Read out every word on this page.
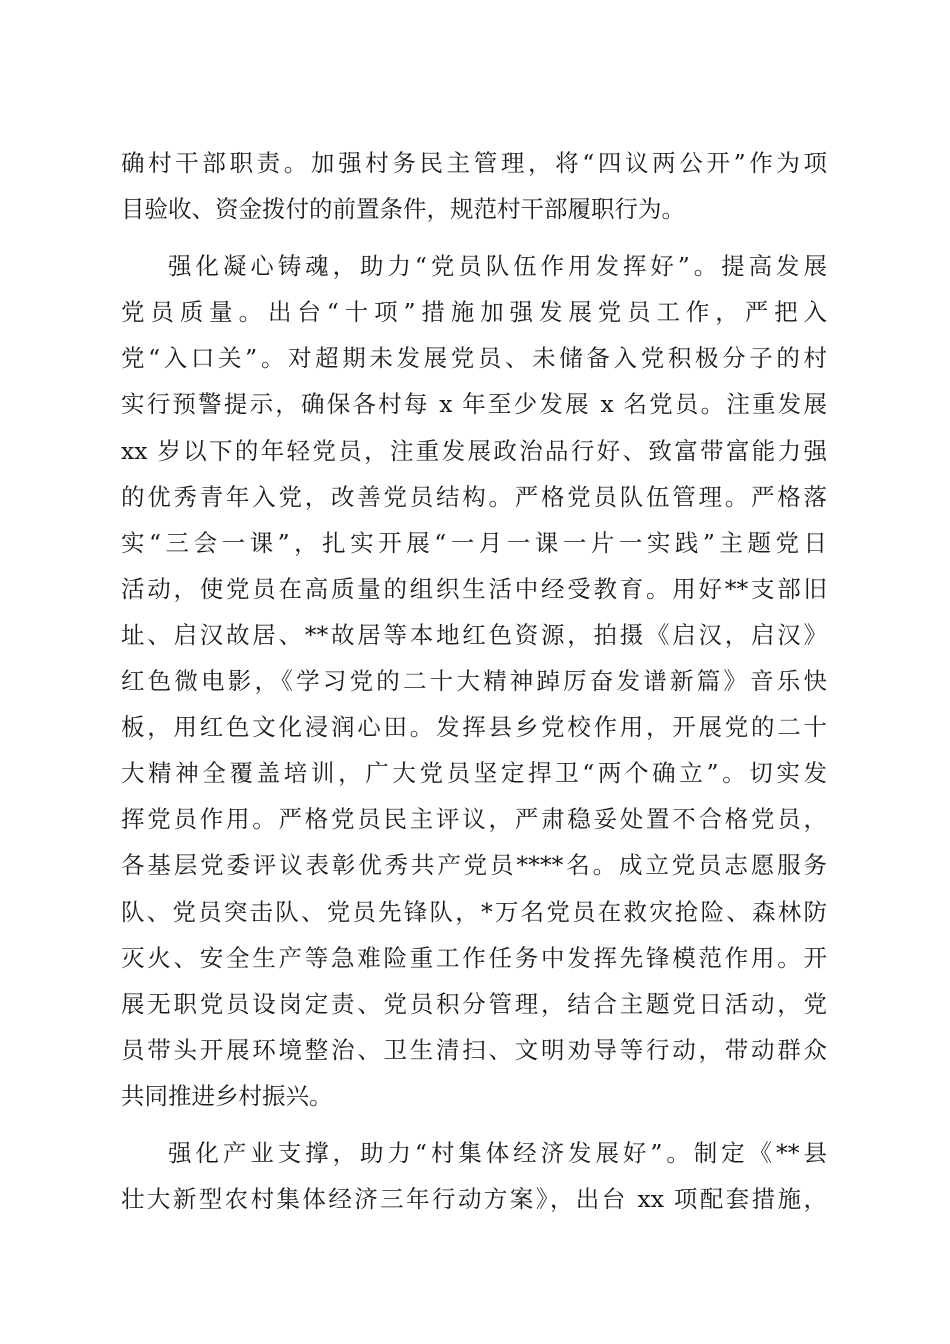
确村干部职责。加强村务民主管理，将“四议两公开”作为项
目验收、资金拨付的前置条件，规范村干部履职行为。
强化凝心铸魂，助力“党员队伍作用发挥好”。提高发展
党员质量。出台“十项”措施加强发展党员工作，严把入
党“入口关”。对超期未发展党员、未储备入党积极分子的村
实行预警提示，确保各村每 x 年至少发展 x 名党员。注重发展
xx 岁以下的年轻党员，注重发展政治品行好、致富带富能力强
的优秀青年入党，改善党员结构。严格党员队伍管理。严格落
实“三会一课”，扎实开展“一月一课一片一实践”主题党日
活动，使党员在高质量的组织生活中经受教育。用好**支部旧
址、启汉故居、**故居等本地红色资源，拍摄《启汉，启汉》
红色微电影，《学习党的二十大精神踔厉奋发谱新篇》音乐快
板，用红色文化浸润心田。发挥县乡党校作用，开展党的二十
大精神全覆盖培训，广大党员坚定捍卫“两个确立”。切实发
挥党员作用。严格党员民主评议，严肃稳妥处置不合格党员，
各基层党委评议表彰优秀共产党员****名。成立党员志愿服务
队、党员突击队、党员先锋队，*万名党员在救灾抢险、森林防
灭火、安全生产等急难险重工作任务中发挥先锋模范作用。开
展无职党员设岗定责、党员积分管理，结合主题党日活动，党
员带头开展环境整治、卫生清扫、文明劝导等行动，带动群众
共同推进乡村振兴。
强化产业支撑，助力“村集体经济发展好”。制定《**县
壮大新型农村集体经济三年行动方案》，出台 xx 项配套措施，
